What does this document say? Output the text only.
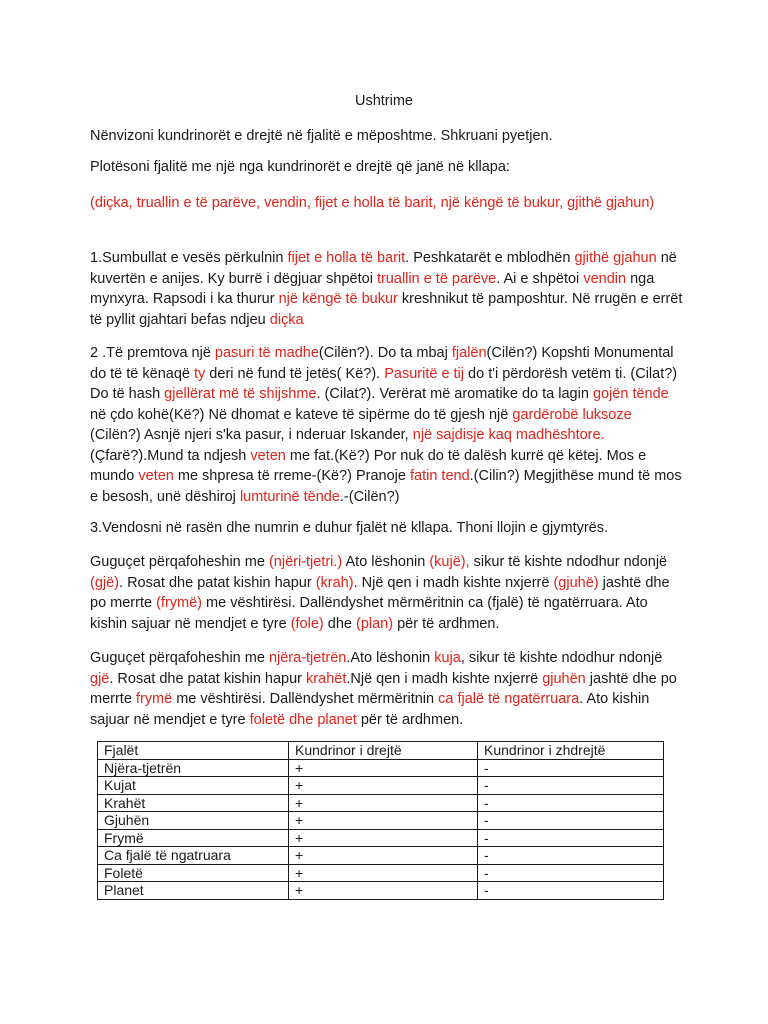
Ushtrime
Nënvizoni kundrinorët e drejtë në fjalitë e mëposhtme. Shkruani pyetjen.
Plotësoni fjalitë me një nga kundrinorët e drejtë që janë në kllapa:
(diçka, truallin e të parëve, vendin, fijet e holla të barit, një këngë të bukur, gjithë gjahun)
1.Sumbullat e vesës përkulnin fijet e holla të barit. Peshkatarët e mblodhën gjithë gjahun në kuvertën e anijes. Ky burrë i dëgjuar shpëtoi truallin e të parëve. Ai e shpëtoi vendin nga mynxyra. Rapsodi i ka thurur një këngë të bukur kreshnikut të pamposhtur. Në rrugën e errët të pyllit gjahtari befas ndjeu diçka
2 .Të premtova një pasuri të madhe(Cilën?). Do ta mbaj fjalën(Cilën?) Kopshti Monumental do të të kënaqë ty deri në fund të jetës( Kë?). Pasuritë e tij do t'i përdorësh vetëm ti. (Cilat?) Do të hash gjellërat më të shijshme. (Cilat?). Verërat më aromatike do ta lagin gojën tënde në çdo kohë(Kë?) Në dhomat e kateve të sipërme do të gjesh një gardërobë luksoze (Cilën?) Asnjë njeri s'ka pasur, i nderuar Iskander, një sajdisje kaq madhështore. (Çfarë?).Mund ta ndjesh veten me fat.(Kë?) Por nuk do të dalësh kurrë që këtej. Mos e mundo veten me shpresa të rreme-(Kë?) Pranoje fatin tend.(Cilin?) Megjithëse mund të mos e besosh, unë dëshiroj lumturinë tënde.-(Cilën?)
3.Vendosni në rasën dhe numrin e duhur fjalët në kllapa. Thoni llojin e gjymtyrës.
Guguçet përqafoheshin me (njëri-tjetri.) Ato lëshonin (kujë), sikur të kishte ndodhur ndonjë (gjë). Rosat dhe patat kishin hapur (krah). Një qen i madh kishte nxjerrë (gjuhë) jashtë dhe po merrte (frymë) me vështirësi. Dallëndyshet mërmëritnin ca (fjalë) të ngatërruara. Ato kishin sajuar në mendjet e tyre (fole) dhe (plan) për të ardhmen.
Guguçet përqafoheshin me njëra-tjetrën.Ato lëshonin kuja, sikur të kishte ndodhur ndonjë gjë. Rosat dhe patat kishin hapur krahët.Një qen i madh kishte nxjerrë gjuhën jashtë dhe po merrte frymë me vështirësi. Dallëndyshet mërmëritnin ca fjalë të ngatërruara. Ato kishin sajuar në mendjet e tyre foletë dhe planet për të ardhmen.
Fjalët	Kundrinor i drejtë	Kundrinor i zhdrejtë
Njëra-tjetrën	+	-
Kujat	+	-
Krahët	+	-
Gjuhën	+	-
Frymë	+	-
Ca fjalë të ngatruara	+	-
Foletë	+	-
Planet	+	-
